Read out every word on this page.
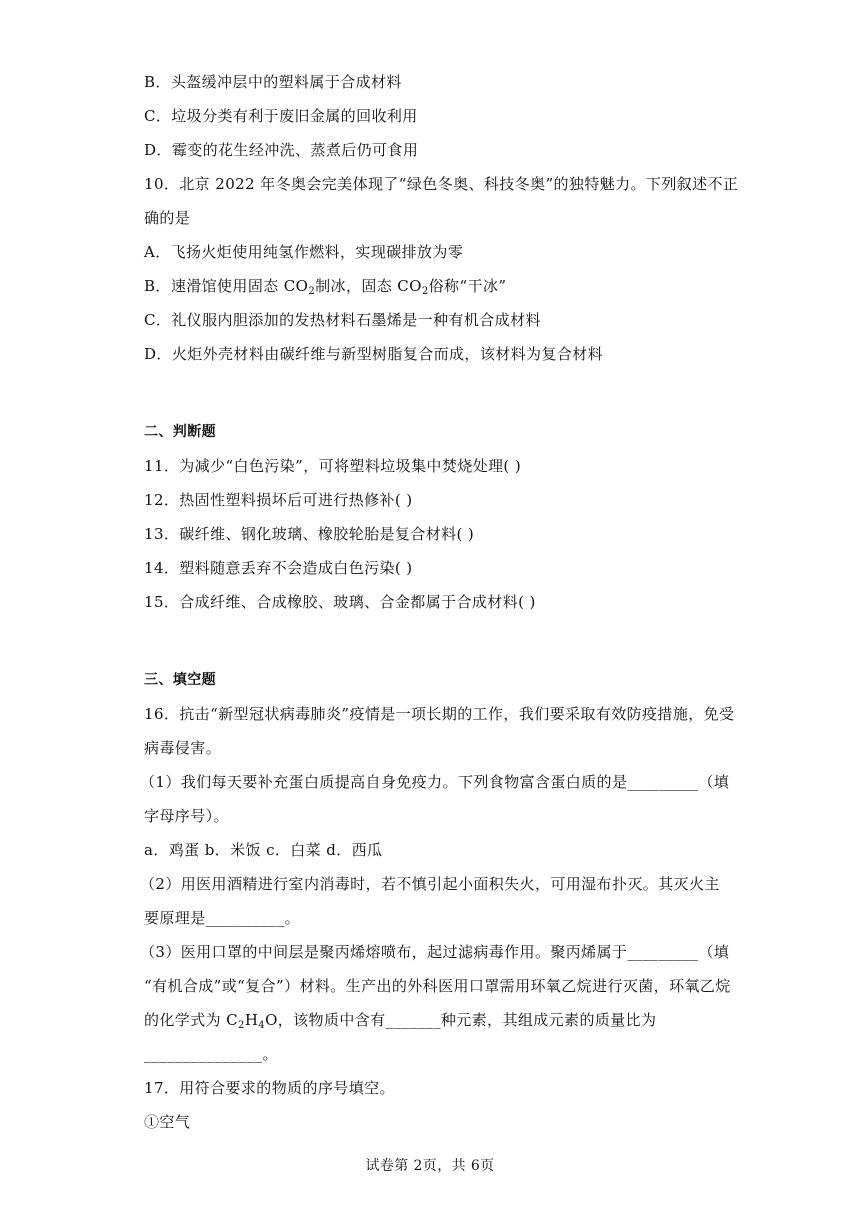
B．头盔缓冲层中的塑料属于合成材料
C．垃圾分类有利于废旧金属的回收利用
D．霉变的花生经冲洗、蒸煮后仍可食用
10．北京 2022 年冬奥会完美体现了“绿色冬奥、科技冬奥”的独特魅力。下列叙述不正
确的是
A．飞扬火炬使用纯氢作燃料，实现碳排放为零
B．速滑馆使用固态 $CO_2$制冰，固态 $CO_2$俗称“干冰”
C．礼仪服内胆添加的发热材料石墨烯是一种有机合成材料
D．火炬外壳材料由碳纤维与新型树脂复合而成，该材料为复合材料
二、判断题
11．为减少“白色污染”，可将塑料垃圾集中焚烧处理( )
12．热固性塑料损坏后可进行热修补( )
13．碳纤维、钢化玻璃、橡胶轮胎是复合材料( )
14．塑料随意丢弃不会造成白色污染( )
15．合成纤维、合成橡胶、玻璃、合金都属于合成材料( )
三、填空题
16．抗击“新型冠状病毒肺炎”疫情是一项长期的工作，我们要采取有效防疫措施，免受
病毒侵害。
（1）我们每天要补充蛋白质提高自身免疫力。下列食物富含蛋白质的是_________（填
字母序号）。
a．鸡蛋 b．米饭 c．白菜 d．西瓜
（2）用医用酒精进行室内消毒时，若不慎引起小面积失火，可用湿布扑灭。其灭火主
要原理是__________。
（3）医用口罩的中间层是聚丙烯熔喷布，起过滤病毒作用。聚丙烯属于_________（填
“有机合成”或“复合”）材料。生产出的外科医用口罩需用环氧乙烷进行灭菌，环氧乙烷
的化学式为 $C_2H_4O$，该物质中含有_______种元素，其组成元素的质量比为
_______________。
17．用符合要求的物质的序号填空。
①空气
试卷第 2页，共 6页
